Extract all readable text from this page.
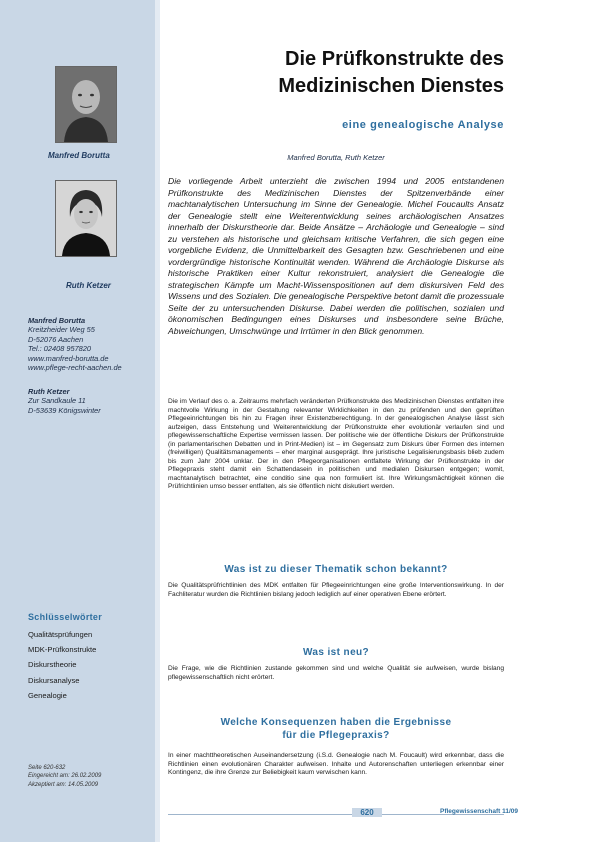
Manfred Borutta
Ruth Ketzer
Manfred Borutta
Kreitzheider Weg 55
D-52076 Aachen
Tel.: 02408 957820
www.manfred-borutta.de
www.pflege-recht-aachen.de
Ruth Ketzer
Zur Sandkaule 11
D-53639 Königswinter
Schlüsselwörter
Qualitätsprüfungen
MDK-Prüfkonstrukte
Diskurstheorie
Diskursanalyse
Genealogie
Seite 620-632
Eingereicht am: 26.02.2009
Akzeptiert am: 14.05.2009
Die Prüfkonstrukte des
Medizinischen Dienstes
eine genealogische Analyse
Manfred Borutta, Ruth Ketzer
Die vorliegende Arbeit unterzieht die zwischen 1994 und 2005 entstandenen Prüfkonstrukte des Medizinischen Dienstes der Spitzenverbände einer machtanalytischen Untersuchung im Sinne der Genealogie. Michel Foucaults Ansatz der Genealogie stellt eine Weiterentwicklung seines archäologischen Ansatzes innerhalb der Diskurstheorie dar. Beide Ansätze – Archäologie und Genealogie – sind zu verstehen als historische und gleichsam kritische Verfahren, die sich gegen eine vorgebliche Evidenz, die Unmittelbarkeit des Gesagten bzw. Geschriebenen und eine vordergründige historische Kontinuität wenden. Während die Archäologie Diskurse als historische Praktiken einer Kultur rekonstruiert, analysiert die Genealogie die strategischen Kämpfe um Macht-Wissenspositionen auf dem diskursiven Feld des Wissens und des Sozialen. Die genealogische Perspektive betont damit die prozessuale Seite der zu untersuchenden Diskurse. Dabei werden die politischen, sozialen und ökonomischen Bedingungen eines Diskurses und insbesondere seine Brüche, Abweichungen, Umschwünge und Irrtümer in den Blick genommen.
Die im Verlauf des o. a. Zeitraums mehrfach veränderten Prüfkonstrukte des Medizinischen Dienstes entfalten ihre machtvolle Wirkung in der Gestaltung relevanter Wirklichkeiten in den zu prüfenden und den geprüften Pflegeeinrichtungen bis hin zu Fragen ihrer Existenzberechtigung. In der genealogischen Analyse lässt sich aufzeigen, dass Entstehung und Weiterentwicklung der Prüfkonstrukte eher evolutionär verlaufen sind und pflegewissenschaftliche Expertise vermissen lassen. Der politische wie der öffentliche Diskurs der Prüfkonstrukte (in parlamentarischen Debatten und in Print-Medien) ist – im Gegensatz zum Diskurs über Formen des internen (freiwilligen) Qualitätsmanagements – eher marginal ausgeprägt. Ihre juristische Legalisierungsbasis blieb zudem bis zum Jahr 2004 unklar. Der in den Pflegeorganisationen entfaltete Wirkung der Prüfkonstrukte in der Pflegepraxis steht damit ein Schattendasein in politischen und medialen Diskursen entgegen; womit, machtanalytisch betrachtet, eine conditio sine qua non formuliert ist. Ihre Wirkungsmächtigkeit können die Prüfrichtlinien umso besser entfalten, als sie öffentlich nicht diskutiert werden.
Was ist zu dieser Thematik schon bekannt?
Die Qualitätsprüfrichtlinien des MDK entfalten für Pflegeeinrichtungen eine große Interventionswirkung. In der Fachliteratur wurden die Richtlinien bislang jedoch lediglich auf einer operativen Ebene erörtert.
Was ist neu?
Die Frage, wie die Richtlinien zustande gekommen sind und welche Qualität sie aufweisen, wurde bislang pflegewissenschaftlich nicht erörtert.
Welche Konsequenzen haben die Ergebnisse
für die Pflegepraxis?
In einer machttheoretischen Auseinandersetzung (i.S.d. Genealogie nach M. Foucault) wird erkennbar, dass die Richtlinien einen evolutionären Charakter aufweisen. Inhalte und Autorenschaften unterliegen erkennbar einer Kontingenz, die ihre Grenze zur Beliebigkeit kaum verwischen kann.
620	Pflegewissenschaft 11/09
